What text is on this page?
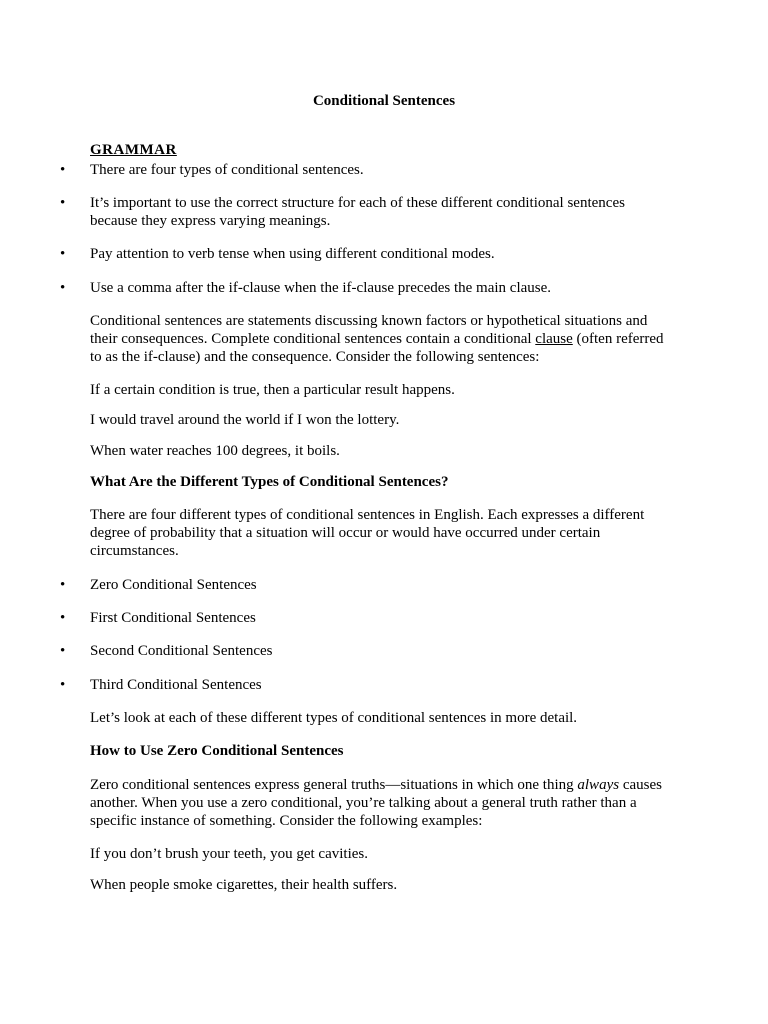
Conditional Sentences
GRAMMAR
• There are four types of conditional sentences.

• It’s important to use the correct structure for each of these different conditional sentences because they express varying meanings.

• Pay attention to verb tense when using different conditional modes.

• Use a comma after the if-clause when the if-clause precedes the main clause.

Conditional sentences are statements discussing known factors or hypothetical situations and their consequences. Complete conditional sentences contain a conditional clause (often referred to as the if-clause) and the consequence. Consider the following sentences:

If a certain condition is true, then a particular result happens.

I would travel around the world if I won the lottery.

When water reaches 100 degrees, it boils.

What Are the Different Types of Conditional Sentences?

There are four different types of conditional sentences in English. Each expresses a different degree of probability that a situation will occur or would have occurred under certain circumstances.

• Zero Conditional Sentences

• First Conditional Sentences

• Second Conditional Sentences

• Third Conditional Sentences

Let’s look at each of these different types of conditional sentences in more detail.

How to Use Zero Conditional Sentences

Zero conditional sentences express general truths—situations in which one thing always causes another. When you use a zero conditional, you’re talking about a general truth rather than a specific instance of something. Consider the following examples:

If you don’t brush your teeth, you get cavities.

When people smoke cigarettes, their health suffers.
